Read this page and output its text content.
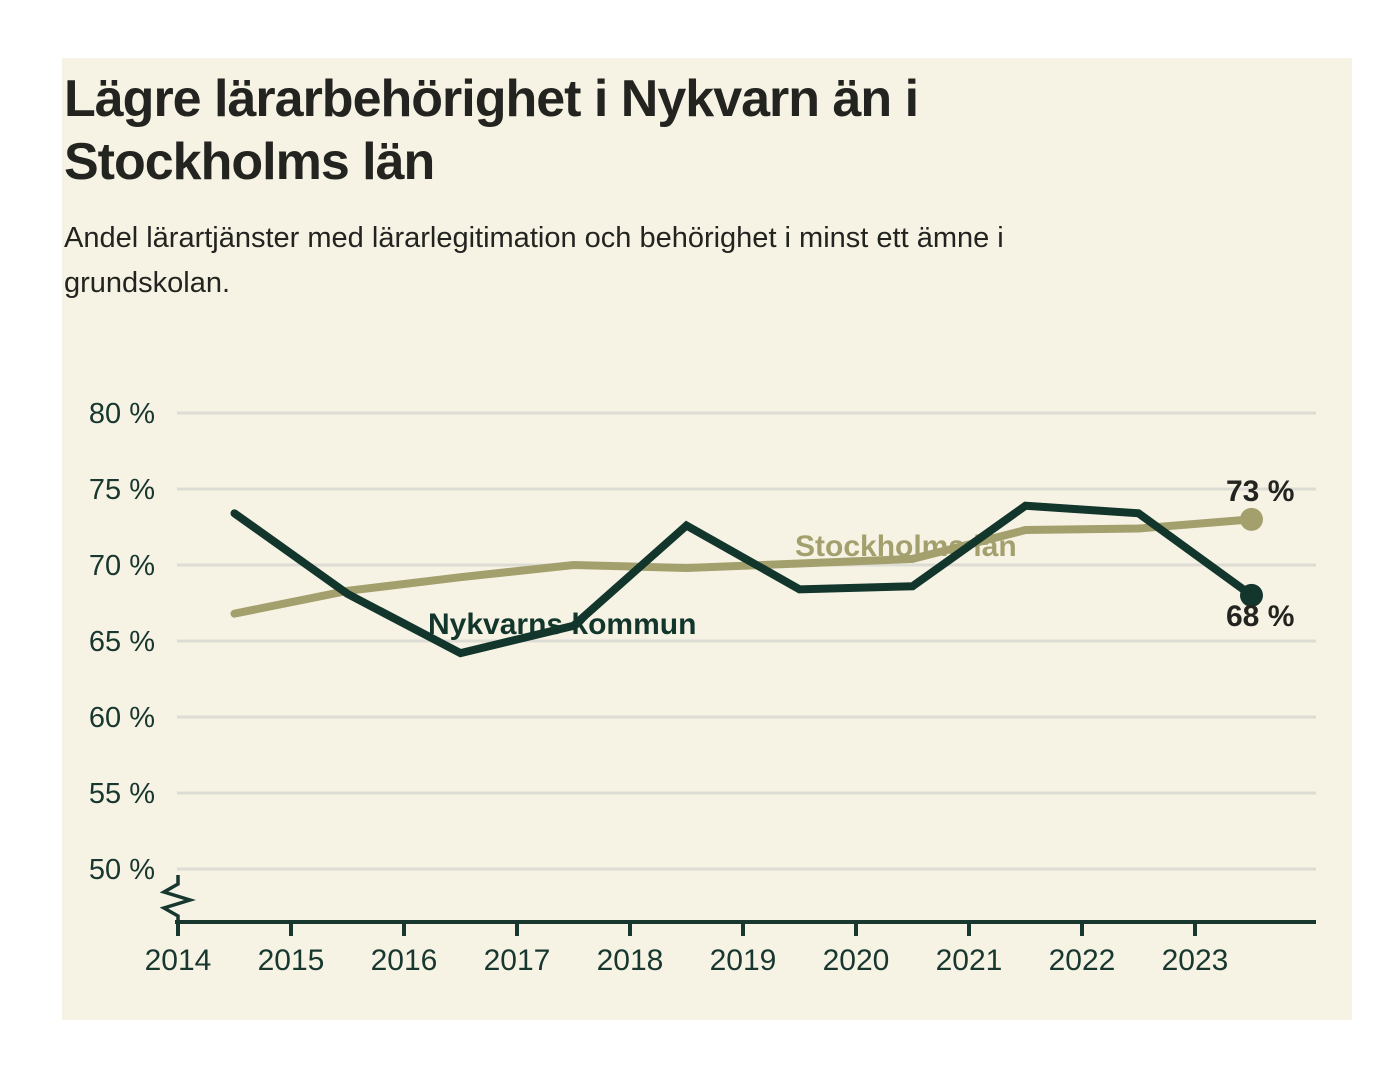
Lägre lärarbehörighet i Nykvarn än i
Stockholms län
Andel lärartjänster med lärarlegitimation och behörighet i minst ett ämne i
grundskolan.
80 %
75 %
70 %
65 %
60 %
55 %
50 %
2014 2015 2016 2017 2018 2019 2020 2021 2022 2023
Stockholms län
73 %
Nykvarns kommun	68 %
